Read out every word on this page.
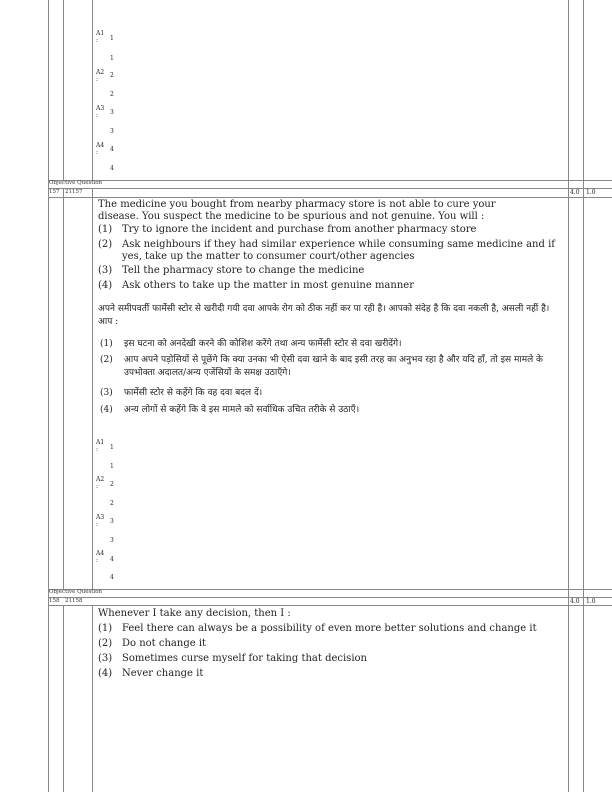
A1
: 1
1
A2
:
2
2
A3
: 3
3
A4
: 4
4
Objective Question
157 21157	4.0 1.0
The medicine you bought from nearby pharmacy store is not able to cure your disease. You suspect the medicine to be spurious and not genuine. You will :
(1) Try to ignore the incident and purchase from another pharmacy store
(2) Ask neighbours if they had similar experience while consuming same medicine and if yes, take up the matter to consumer court/other agencies
(3) Tell the pharmacy store to change the medicine
(4) Ask others to take up the matter in most genuine manner
अपने समीपवर्ती फार्मेसी स्टोर से खरीदी गयी दवा आपके रोग को ठीक नहीं कर पा रही है। आपको संदेह है कि दवा नकली है, असली नहीं है। आप :
(1)	इस घटना को अनदेखी करने की कोशिश करेंगे तथा अन्य फार्मेसी स्टोर से दवा खरीदेंगे।
(2)	आप अपने पड़ोसियों से पूछेंगे कि क्या उनका भी ऐसी दवा खाने के बाद इसी तरह का अनुभव रहा है और यदि हाँ, तो इस मामले के उपभोक्ता अदालत/अन्य एजेंसियों के समक्ष उठाएँगे।
(3)	फार्मेसी स्टोर से कहेंगे कि वह दवा बदल दें।
(4)	अन्य लोगों से कहेंगे कि वे इस मामले को सर्वाधिक उचित तरीके से उठाएँ।
A1
: 1
1
A2
: 2
2
A3
: 3
3
A4
: 4
4
Objective Question
158 21158	4.0 1.0
Whenever I take any decision, then I :
(1) Feel there can always be a possibility of even more better solutions and change it
(2) Do not change it
(3) Sometimes curse myself for taking that decision
(4) Never change it
